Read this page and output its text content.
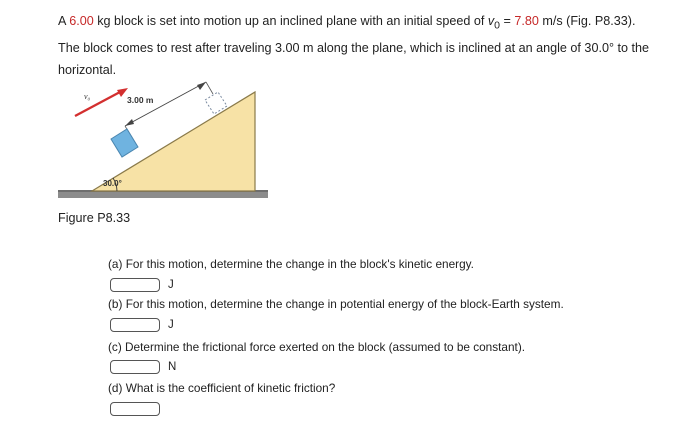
A 6.00 kg block is set into motion up an inclined plane with an initial speed of $v_0 = 7.80$ m/s (Fig. P8.33). The block comes to rest after traveling 3.00 m along the plane, which is inclined at an angle of 30.0° to the horizontal.
v₀	3.00 m
30.0°
Figure P8.33
(a) For this motion, determine the change in the block's kinetic energy.
J
(b) For this motion, determine the change in potential energy of the block-Earth system.
J
(c) Determine the frictional force exerted on the block (assumed to be constant).
N
(d) What is the coefficient of kinetic friction?
